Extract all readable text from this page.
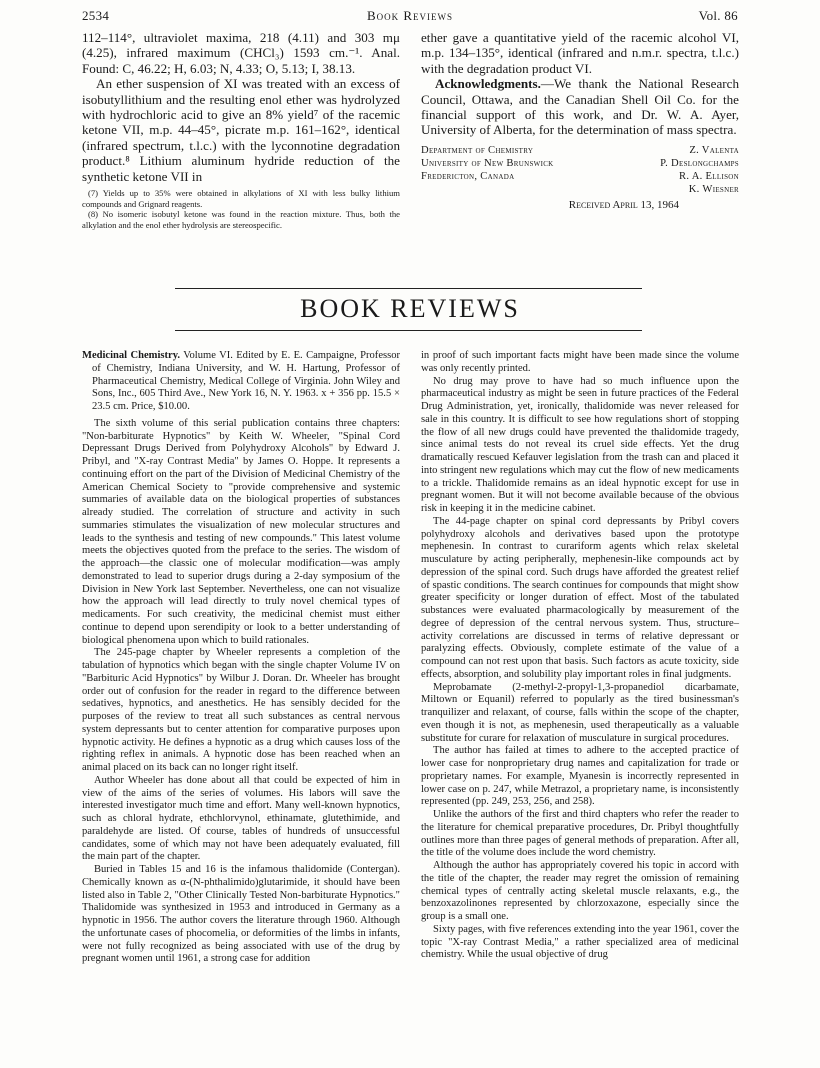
2534	Book Reviews	Vol. 86

112–114°, ultraviolet maxima, 218 (4.11) and 303 mμ (4.25), infrared maximum (CHCl₃) 1593 cm.⁻¹. Anal. Found: C, 46.22; H, 6.03; N, 4.33; O, 5.13; I, 38.13.

An ether suspension of XI was treated with an excess of isobutyllithium and the resulting enol ether was hydrolyzed with hydrochloric acid to give an 8% yield⁷ of the racemic ketone VII, m.p. 44–45°, picrate m.p. 161–162°, identical (infrared spectrum, t.l.c.) with the lyconnotine degradation product.⁸ Lithium aluminum hydride reduction of the synthetic ketone VII in

(7) Yields up to 35% were obtained in alkylations of XI with less bulky lithium compounds and Grignard reagents.
(8) No isomeric isobutyl ketone was found in the reaction mixture. Thus, both the alkylation and the enol ether hydrolysis are stereospecific.

ether gave a quantitative yield of the racemic alcohol VI, m.p. 134–135°, identical (infrared and n.m.r. spectra, t.l.c.) with the degradation product VI.

Acknowledgments.—We thank the National Research Council, Ottawa, and the Canadian Shell Oil Co. for the financial support of this work, and Dr. W. A. Ayer, University of Alberta, for the determination of mass spectra.

Department of Chemistry	Z. Valenta
University of New Brunswick	P. Deslongchamps
Fredericton, Canada	R. A. Ellison
K. Wiesner
Received April 13, 1964
BOOK REVIEWS

Medicinal Chemistry. Volume VI. Edited by E. E. Campaigne, Professor of Chemistry, Indiana University, and W. H. Hartung, Professor of Pharmaceutical Chemistry, Medical College of Virginia. John Wiley and Sons, Inc., 605 Third Ave., New York 16, N. Y. 1963. x + 356 pp. 15.5 × 23.5 cm. Price, $10.00.

The sixth volume of this serial publication contains three chapters: "Non-barbiturate Hypnotics" by Keith W. Wheeler, "Spinal Cord Depressant Drugs Derived from Polyhydroxy Alcohols" by Edward J. Pribyl, and "X-ray Contrast Media" by James O. Hoppe. It represents a continuing effort on the part of the Division of Medicinal Chemistry of the American Chemical Society to "provide comprehensive and systemic summaries of available data on the biological properties of substances already studied. The correlation of structure and activity in such summaries stimulates the visualization of new molecular structures and leads to the synthesis and testing of new compounds." This latest volume meets the objectives quoted from the preface to the series. The wisdom of the approach—the classic one of molecular modification—was amply demonstrated to lead to superior drugs during a 2-day symposium of the Division in New York last September. Nevertheless, one can not visualize how the approach will lead directly to truly novel chemical types of medicaments. For such creativity, the medicinal chemist must either continue to depend upon serendipity or look to a better understanding of biological phenomena upon which to build rationales.

The 245-page chapter by Wheeler represents a completion of the tabulation of hypnotics which began with the single chapter Volume IV on "Barbituric Acid Hypnotics" by Wilbur J. Doran. Dr. Wheeler has brought order out of confusion for the reader in regard to the difference between sedatives, hypnotics, and anesthetics. He has sensibly decided for the purposes of the review to treat all such substances as central nervous system depressants but to center attention for comparative purposes upon hypnotic activity. He defines a hypnotic as a drug which causes loss of the righting reflex in animals. A hypnotic dose has been reached when an animal placed on its back can no longer right itself.

Author Wheeler has done about all that could be expected of him in view of the aims of the series of volumes. His labors will save the interested investigator much time and effort. Many well-known hypnotics, such as chloral hydrate, ethchlorvynol, ethinamate, glutethimide, and paraldehyde are listed. Of course, tables of hundreds of unsuccessful candidates, some of which may not have been adequately evaluated, fill the main part of the chapter.

Buried in Tables 15 and 16 is the infamous thalidomide (Contergan). Chemically known as α-(N-phthalimido)glutarimide, it should have been listed also in Table 2, "Other Clinically Tested Non-barbiturate Hypnotics." Thalidomide was synthesized in 1953 and introduced in Germany as a hypnotic in 1956. The author covers the literature through 1960. Although the unfortunate cases of phocomelia, or deformities of the limbs in infants, were not fully recognized as being associated with use of the drug by pregnant women until 1961, a strong case for addition

in proof of such important facts might have been made since the volume was only recently printed.

No drug may prove to have had so much influence upon the pharmaceutical industry as might be seen in future practices of the Federal Drug Administration, yet, ironically, thalidomide was never released for sale in this country. It is difficult to see how regulations short of stopping the flow of all new drugs could have prevented the thalidomide tragedy, since animal tests do not reveal its cruel side effects. Yet the drug dramatically rescued Kefauver legislation from the trash can and placed it into stringent new regulations which may cut the flow of new medicaments to a trickle. Thalidomide remains as an ideal hypnotic except for use in pregnant women. But it will not become available because of the obvious risk in keeping it in the medicine cabinet.

The 44-page chapter on spinal cord depressants by Pribyl covers polyhydroxy alcohols and derivatives based upon the prototype mephenesin. In contrast to curariform agents which relax skeletal musculature by acting peripherally, mephenesin-like compounds act by depression of the spinal cord. Such drugs have afforded the greatest relief of spastic conditions. The search continues for compounds that might show greater specificity or longer duration of effect. Most of the tabulated substances were evaluated pharmacologically by measurement of the degree of depression of the central nervous system. Thus, structure–activity correlations are discussed in terms of relative depressant or paralyzing effects. Obviously, complete estimate of the value of a compound can not rest upon that basis. Such factors as acute toxicity, side effects, absorption, and solubility play important roles in final judgments.

Meprobamate (2-methyl-2-propyl-1,3-propanediol dicarbamate, Miltown or Equanil) referred to popularly as the tired businessman's tranquilizer and relaxant, of course, falls within the scope of the chapter, even though it is not, as mephenesin, used therapeutically as a valuable substitute for curare for relaxation of musculature in surgical procedures.

The author has failed at times to adhere to the accepted practice of lower case for nonproprietary drug names and capitalization for trade or proprietary names. For example, Myanesin is incorrectly represented in lower case on p. 247, while Metrazol, a proprietary name, is inconsistently represented (pp. 249, 253, 256, and 258).

Unlike the authors of the first and third chapters who refer the reader to the literature for chemical preparative procedures, Dr. Pribyl thoughtfully outlines more than three pages of general methods of preparation. After all, the title of the volume does include the word chemistry.

Although the author has appropriately covered his topic in accord with the title of the chapter, the reader may regret the omission of remaining chemical types of centrally acting skeletal muscle relaxants, e.g., the benzoxazolinones represented by chlorzoxazone, especially since the group is a small one.

Sixty pages, with five references extending into the year 1961, cover the topic "X-ray Contrast Media," a rather specialized area of medicinal chemistry. While the usual objective of drug
